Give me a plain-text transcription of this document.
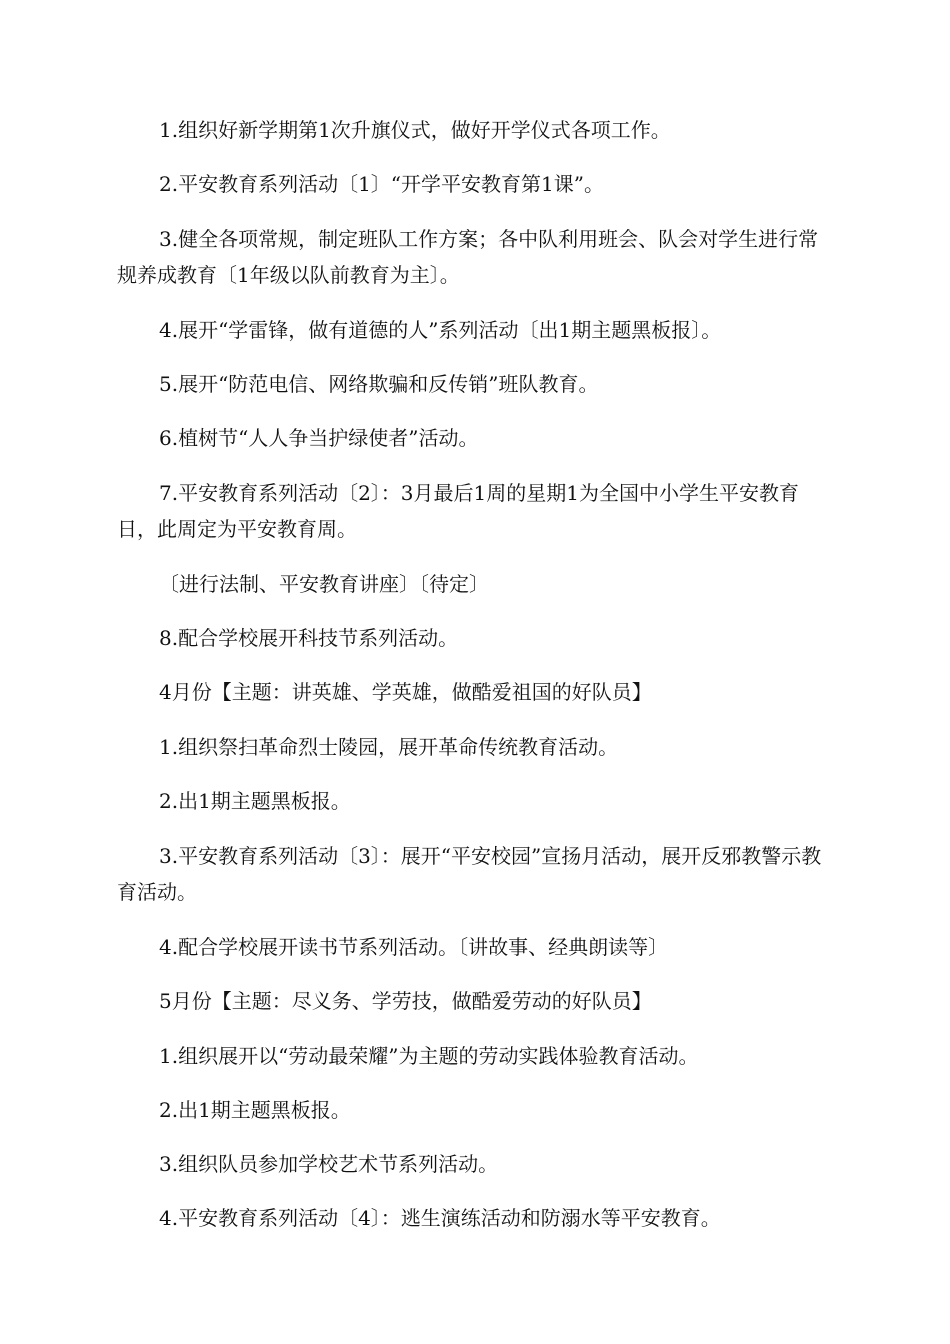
1.组织好新学期第1次升旗仪式，做好开学仪式各项工作。

2.平安教育系列活动〔1〕“开学平安教育第1课”。

3.健全各项常规，制定班队工作方案；各中队利用班会、队会对学生进行常规养成教育〔1年级以队前教育为主〕。

4.展开“学雷锋，做有道德的人”系列活动〔出1期主题黑板报〕。

5.展开“防范电信、网络欺骗和反传销”班队教育。

6.植树节“人人争当护绿使者”活动。

7.平安教育系列活动〔2〕：3月最后1周的星期1为全国中小学生平安教育日，此周定为平安教育周。

〔进行法制、平安教育讲座〕〔待定〕

8.配合学校展开科技节系列活动。

4月份【主题：讲英雄、学英雄，做酷爱祖国的好队员】

1.组织祭扫革命烈士陵园，展开革命传统教育活动。

2.出1期主题黑板报。

3.平安教育系列活动〔3〕：展开“平安校园”宣扬月活动，展开反邪教警示教育活动。

4.配合学校展开读书节系列活动。〔讲故事、经典朗读等〕

5月份【主题：尽义务、学劳技，做酷爱劳动的好队员】

1.组织展开以“劳动最荣耀”为主题的劳动实践体验教育活动。

2.出1期主题黑板报。

3.组织队员参加学校艺术节系列活动。

4.平安教育系列活动〔4〕：逃生演练活动和防溺水等平安教育。
